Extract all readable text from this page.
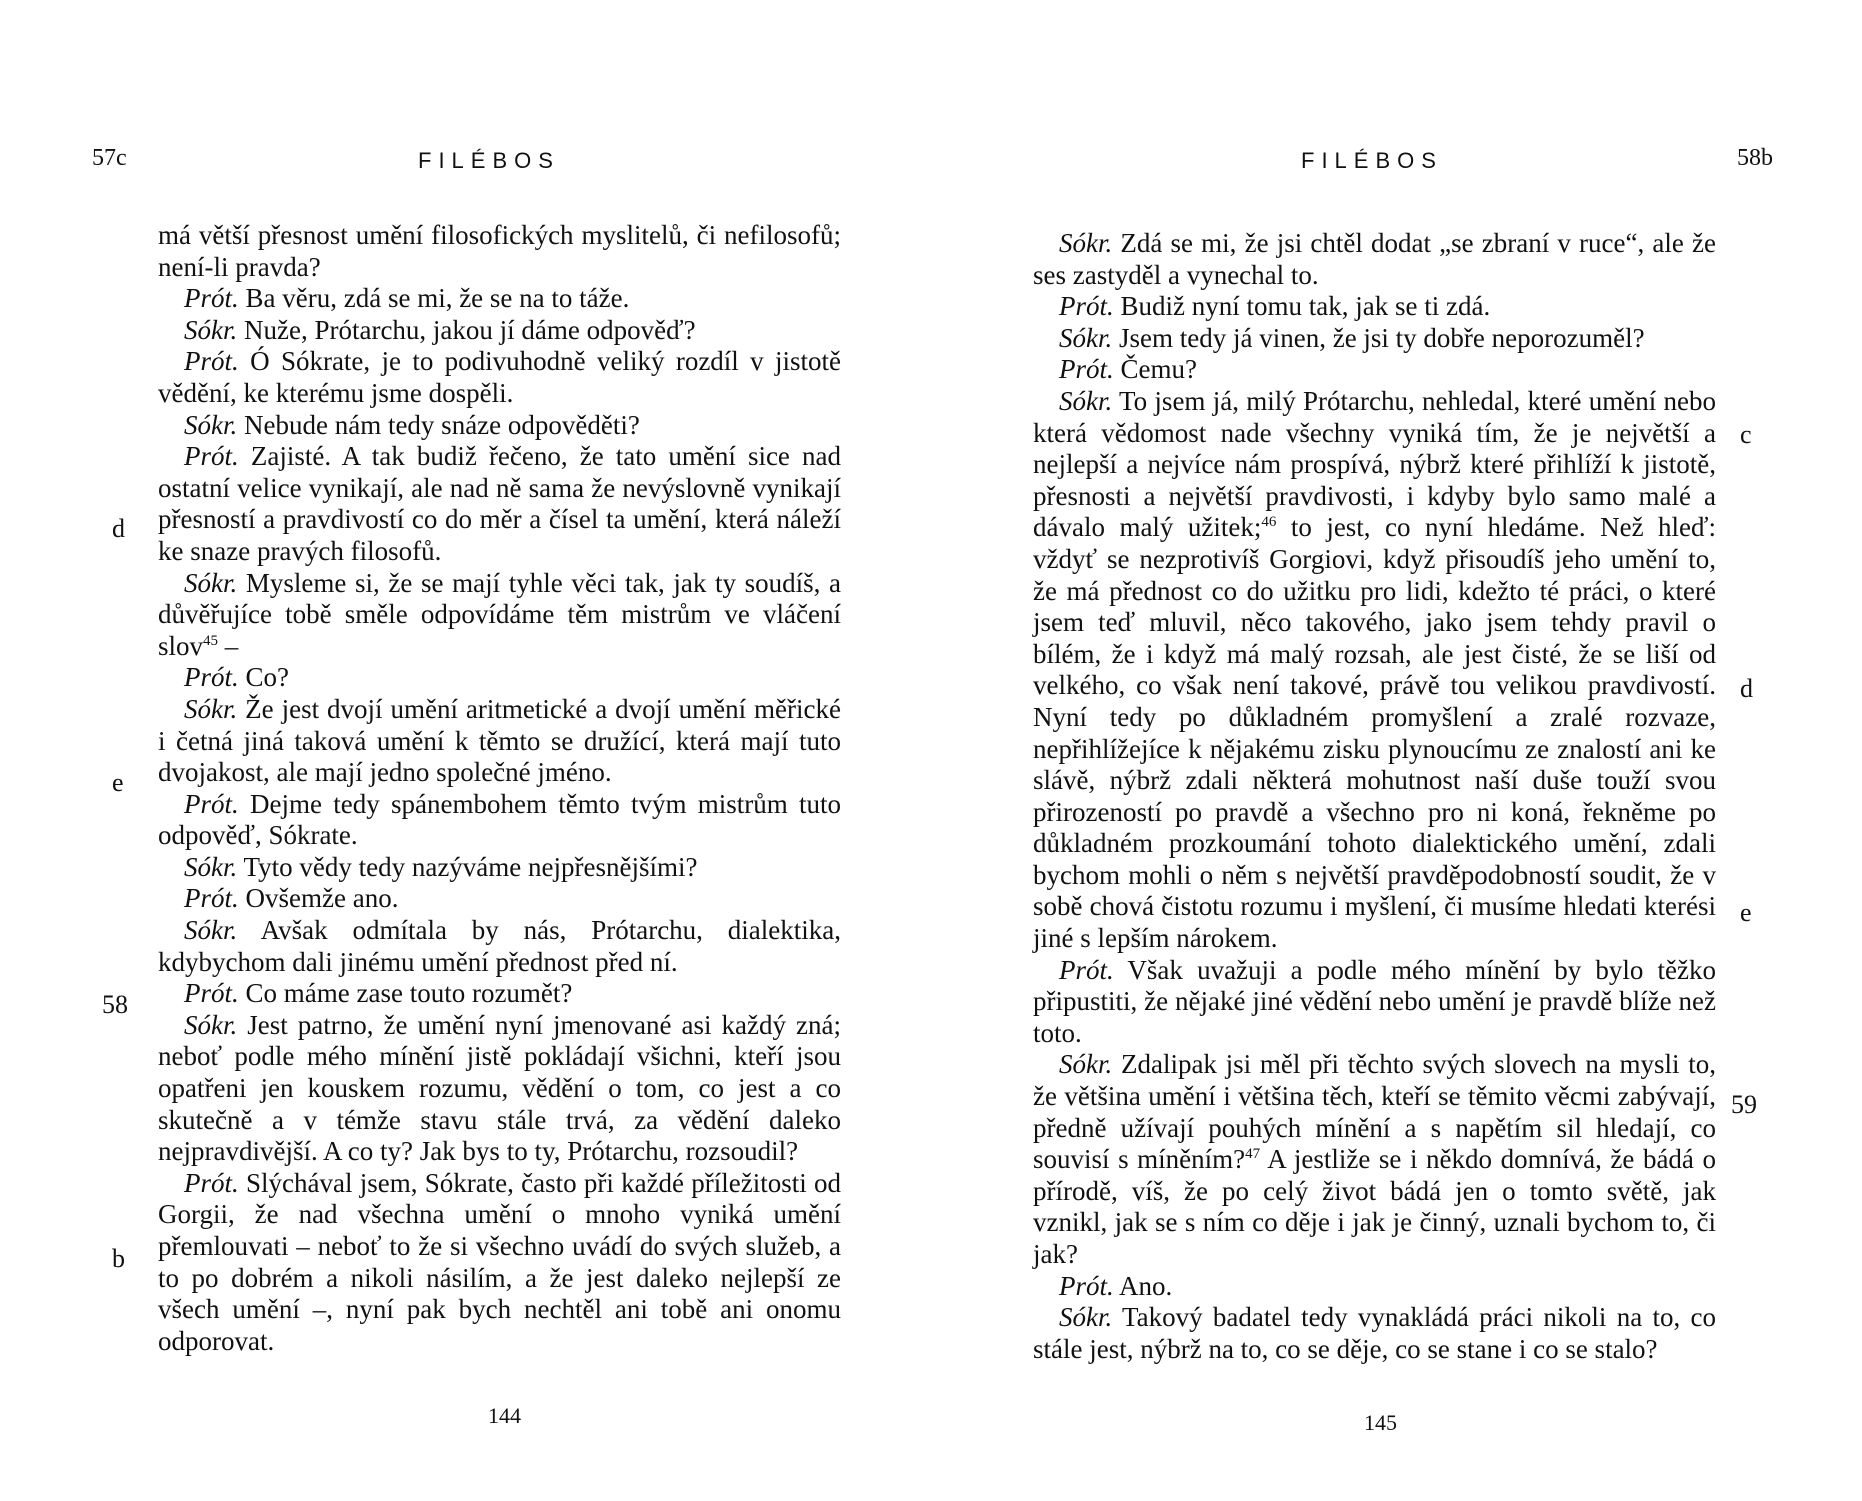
57c	FILÉBOS

má větší přesnost umění filosofických myslitelů, či nefilosofů; není-li pravda?

Prót. Ba věru, zdá se mi, že se na to táže.

Sókr. Nuže, Prótarchu, jakou jí dáme odpověď?

Prót. Ó Sókrate, je to podivuhodně veliký rozdíl v jistotě vědění, ke kterému jsme dospěli.

Sókr. Nebude nám tedy snáze odpověděti?

Prót. Zajisté. A tak budiž řečeno, že tato umění sice nad ostatní velice vynikají, ale nad ně sama že nevýslovně vynikají přesností a pravdivostí co do měr a čísel ta umění, která náleží ke snaze pravých filosofů.

Sókr. Mysleme si, že se mají tyhle věci tak, jak ty soudíš, a důvěřujíce tobě směle odpovídáme těm mistrům ve vláčení slov$^{45}$ –

Prót. Co?

Sókr. Že jest dvojí umění aritmetické a dvojí umění měřické i četná jiná taková umění k těmto se družící, která mají tuto dvojakost, ale mají jedno společné jméno.

Prót. Dejme tedy spánembohem těmto tvým mistrům tuto odpověď, Sókrate.

Sókr. Tyto vědy tedy nazýváme nejpřesnějšími?

Prót. Ovšemže ano.

Sókr. Avšak odmítala by nás, Prótarchu, dialektika, kdybychom dali jinému umění přednost před ní.

Prót. Co máme zase touto rozumět?

Sókr. Jest patrno, že umění nyní jmenované asi každý zná; neboť podle mého mínění jistě pokládají všichni, kteří jsou opatřeni jen kouskem rozumu, vědění o tom, co jest a co skutečně a v témže stavu stále trvá, za vědění daleko nejpravdivější. A co ty? Jak bys to ty, Prótarchu, rozsoudil?

Prót. Slýchával jsem, Sókrate, často při každé příležitosti od Gorgii, že nad všechna umění o mnoho vyniká umění přemlouvati – neboť to že si všechno uvádí do svých služeb, a to po dobrém a nikoli násilím, a že jest daleko nejlepší ze všech umění –, nyní pak bych nechtěl ani tobě ani onomu odporovat.

d
e
58
b
144
FILÉBOS	58b

Sókr. Zdá se mi, že jsi chtěl dodat „se zbraní v ruce“, ale že ses zastyděl a vynechal to.

Prót. Budiž nyní tomu tak, jak se ti zdá.

Sókr. Jsem tedy já vinen, že jsi ty dobře neporozuměl?

Prót. Čemu?

Sókr. To jsem já, milý Prótarchu, nehledal, které umění nebo která vědomost nade všechny vyniká tím, že je největší a nejlepší a nejvíce nám prospívá, nýbrž které přihlíží k jistotě, přesnosti a největší pravdivosti, i kdyby bylo samo malé a dávalo malý užitek;$^{46}$ to jest, co nyní hledáme. Než hleď: vždyť se nezprotivíš Gorgiovi, když přisoudíš jeho umění to, že má přednost co do užitku pro lidi, kdežto té práci, o které jsem teď mluvil, něco takového, jako jsem tehdy pravil o bílém, že i když má malý rozsah, ale jest čisté, že se liší od velkého, co však není takové, právě tou velikou pravdivostí. Nyní tedy po důkladném promyšlení a zralé rozvaze, nepřihlížejíce k nějakému zisku plynoucímu ze znalostí ani ke slávě, nýbrž zdali některá mohutnost naší duše touží svou přirozeností po pravdě a všechno pro ni koná, řekněme po důkladném prozkoumání tohoto dialektického umění, zdali bychom mohli o něm s největší pravděpodobností soudit, že v sobě chová čistotu rozumu i myšlení, či musíme hledati kterési jiné s lepším nárokem.

Prót. Však uvažuji a podle mého mínění by bylo těžko připustiti, že nějaké jiné vědění nebo umění je pravdě blíže než toto.

Sókr. Zdalipak jsi měl při těchto svých slovech na mysli to, že většina umění i většina těch, kteří se těmito věcmi zabývají, předně užívají pouhých mínění a s napětím sil hledají, co souvisí s míněním?$^{47}$ A jestliže se i někdo domnívá, že bádá o přírodě, víš, že po celý život bádá jen o tomto světě, jak vznikl, jak se s ním co děje i jak je činný, uznali bychom to, či jak?

Prót. Ano.

Sókr. Takový badatel tedy vynakládá práci nikoli na to, co stále jest, nýbrž na to, co se děje, co se stane i co se stalo?

c
d
e
59
145
